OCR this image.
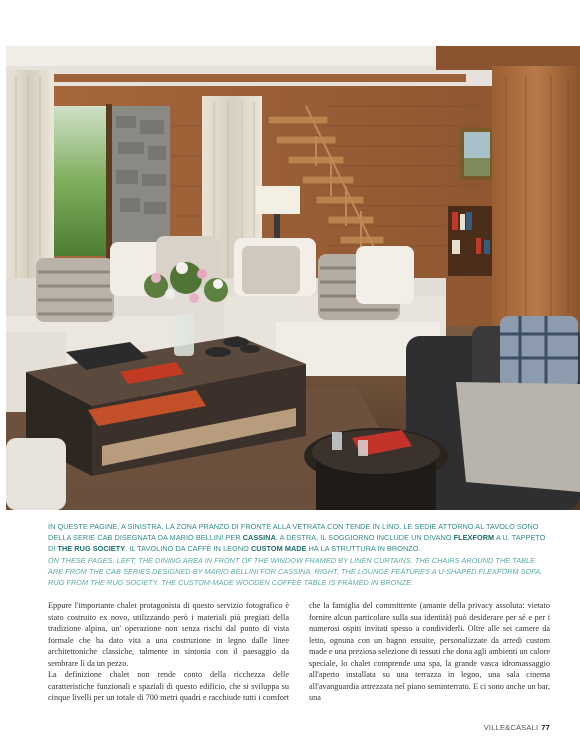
IN QUESTE PAGINE, A SINISTRA, LA ZONA PRANZO DI FRONTE ALLA VETRATA CON TENDE IN LINO. LE SEDIE ATTORNO AL TAVOLO SONO DELLA SERIE CAB DISEGNATA DA MARIO BELLINI PER CASSINA. A DESTRA, IL SOGGIORNO INCLUDE UN DIVANO FLEXFORM A U. TAPPETO DI THE RUG SOCIETY. IL TAVOLINO DA CAFFÈ IN LEGNO CUSTOM MADE HA LA STRUTTURA IN BRONZO.
ON THESE PAGES, LEFT, THE DINING AREA IN FRONT OF THE WINDOW FRAMED BY LINEN CURTAINS. THE CHAIRS AROUND THE TABLE ARE FROM THE CAB SERIES DESIGNED BY MARIO BELLINI FOR CASSINA. RIGHT, THE LOUNGE FEATURES A U-SHAPED FLEXFORM SOFA. RUG FROM THE RUG SOCIETY. THE CUSTOM-MADE WOODEN COFFEE TABLE IS FRAMED IN BRONZE.

Eppure l'importante chalet protagonista di questo servizio fotografico è stato costruito ex novo, utilizzando però i materiali più pregiati della tradizione alpina, un' operazione non senza rischi dal punto di vista formale che ha dato vita a una costruzione in legno dalle linee architettoniche classiche, talmente in sintonia con il paesaggio da sembrare lì da un pezzo.

La definizione chalet non rende conto della ricchezza delle caratteristiche funzionali e spaziali di questo edificio, che si sviluppa su cinque livelli per un totale di 700 metri quadri e racchiude tutti i comfort che la famiglia del committente (amante della privacy assoluta: vietato fornire alcun particolare sulla sua identità) può desiderare per sé e per i numerosi ospiti invitati spesso a condividerli. Oltre alle sei camere da letto, ognuna con un bagno ensuite, personalizzate da arredi custom made e una preziosa selezione di tessuti che dona agli ambienti un calore speciale, lo chalet comprende una spa, la grande vasca idromassaggio all'aperto installata su una terrazza in legno, una sala cinema all'avanguardia attrezzata nel piano seminterrato. E ci sono anche un bar, una

VILLE&CASALI 77
